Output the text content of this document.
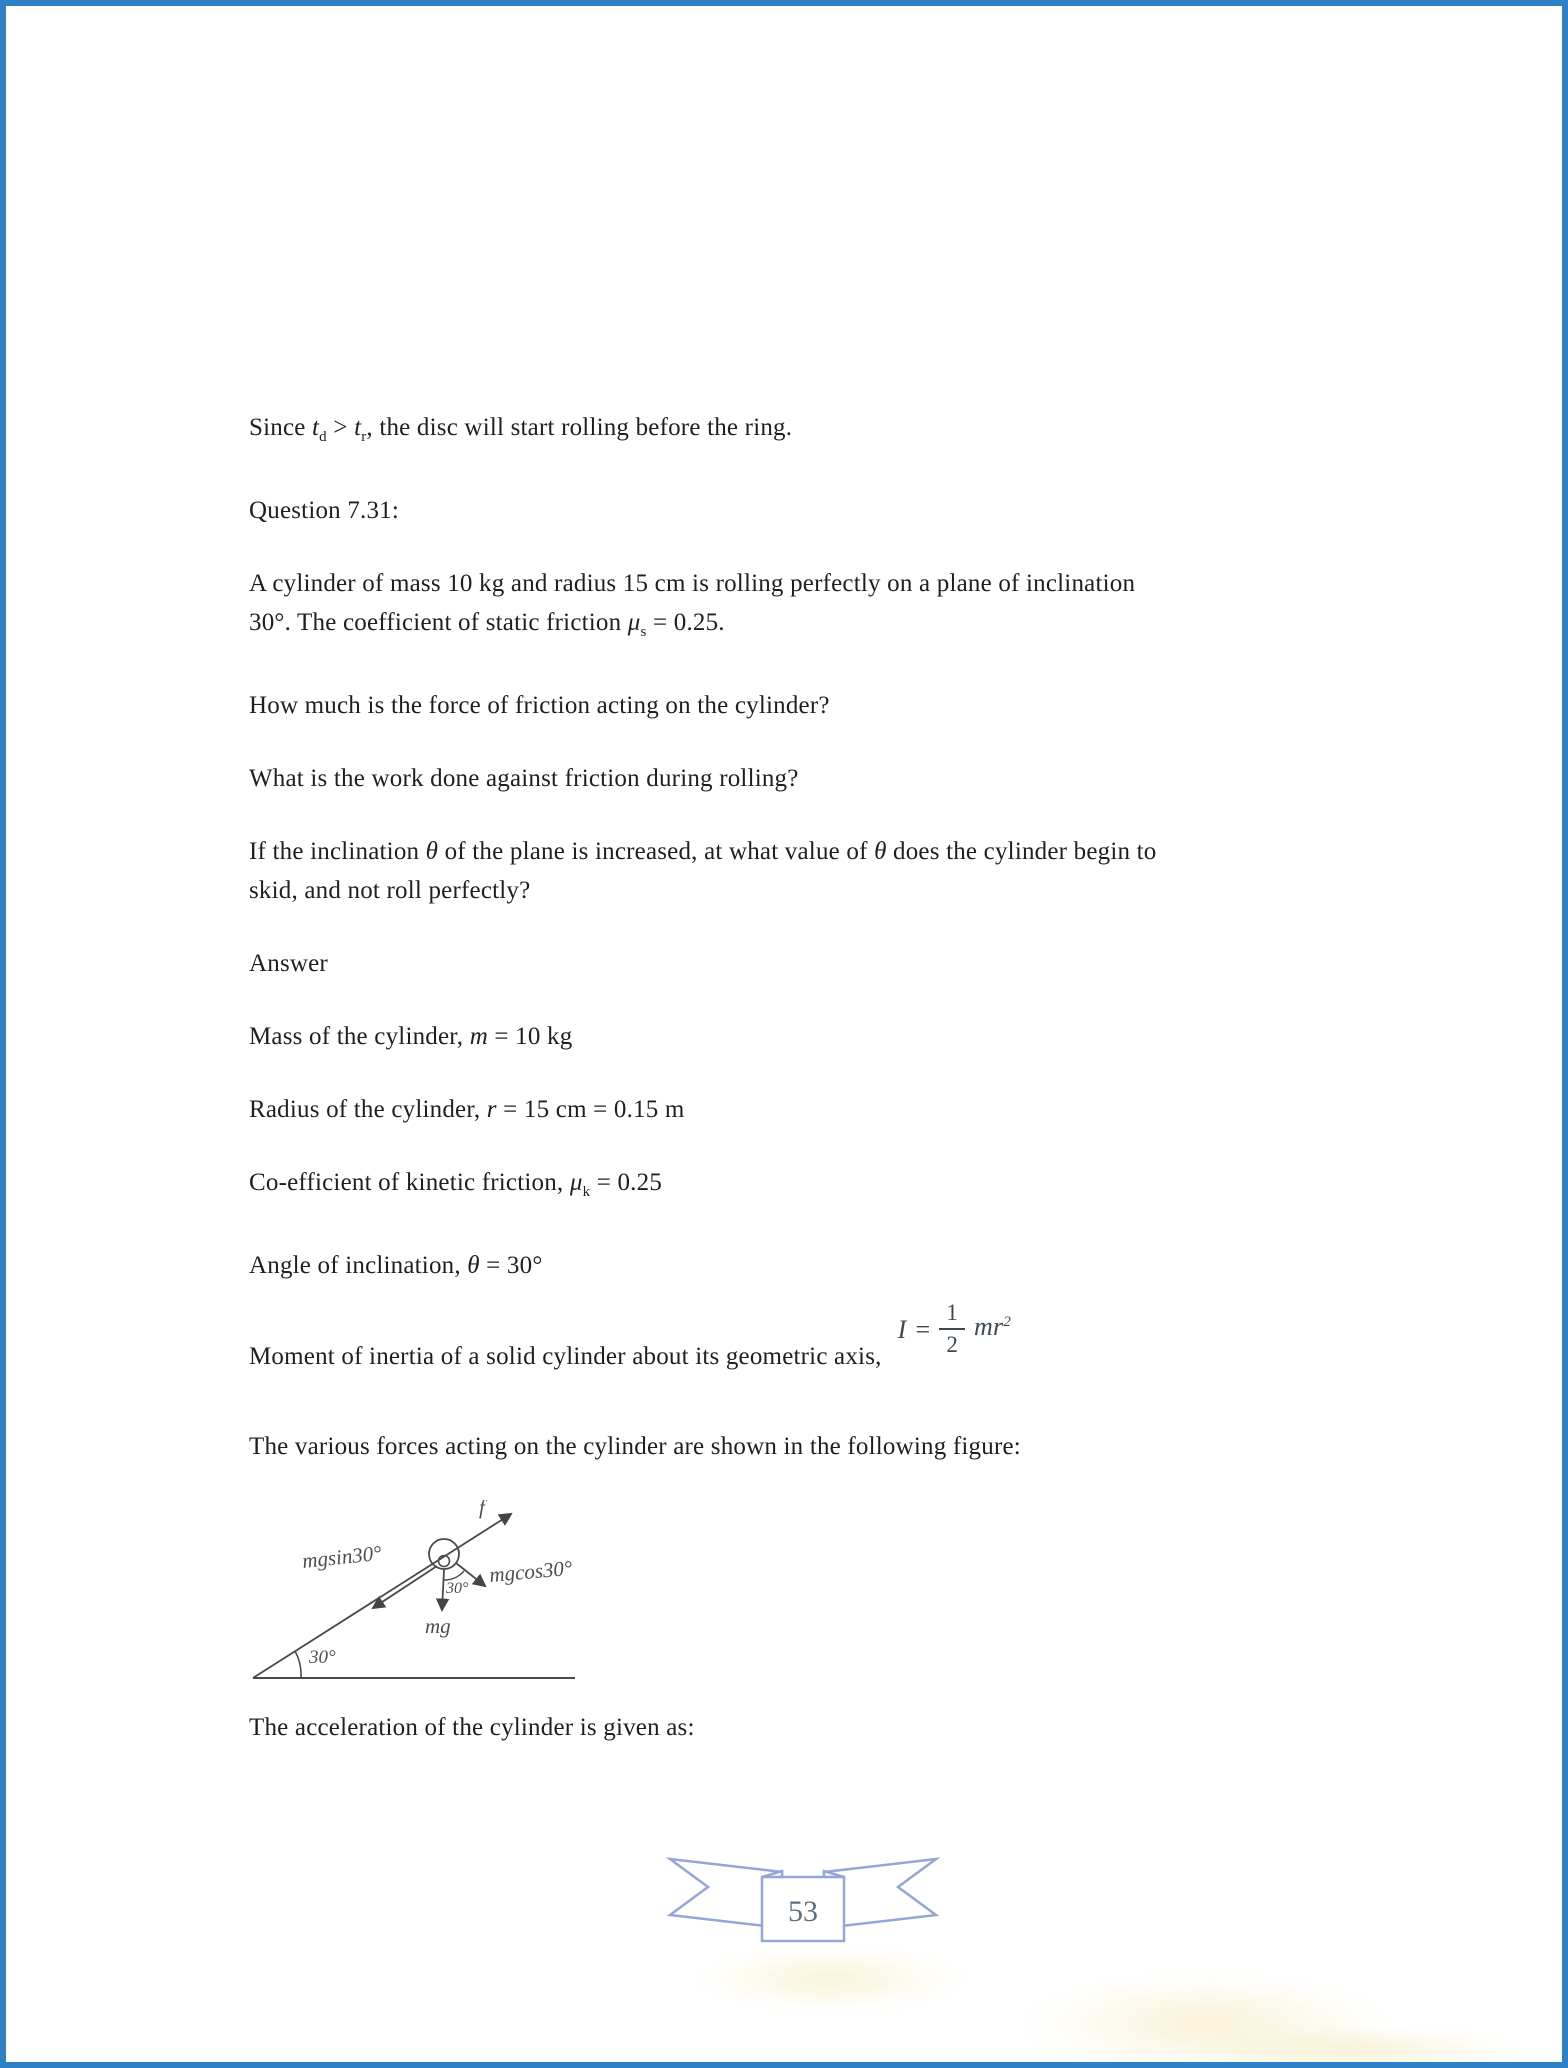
Since $t_d > t_r$, the disc will start rolling before the ring.

Question 7.31:

A cylinder of mass 10 kg and radius 15 cm is rolling perfectly on a plane of inclination
30°. The coefficient of static friction $\mu_s = 0.25$.

How much is the force of friction acting on the cylinder?

What is the work done against friction during rolling?

If the inclination θ of the plane is increased, at what value of θ does the cylinder begin to
skid, and not roll perfectly?

Answer

Mass of the cylinder, m = 10 kg

Radius of the cylinder, r = 15 cm = 0.15 m

Co-efficient of kinetic friction, $\mu_k = 0.25$

Angle of inclination, θ = 30°

Moment of inertia of a solid cylinder about its geometric axis,
$I = \frac{1}{2} mr2$

The various forces acting on the cylinder are shown in the following figure:

30°
f
mgsin30°	mgcos30°
mg
30°

The acceleration of the cylinder is given as:

53
